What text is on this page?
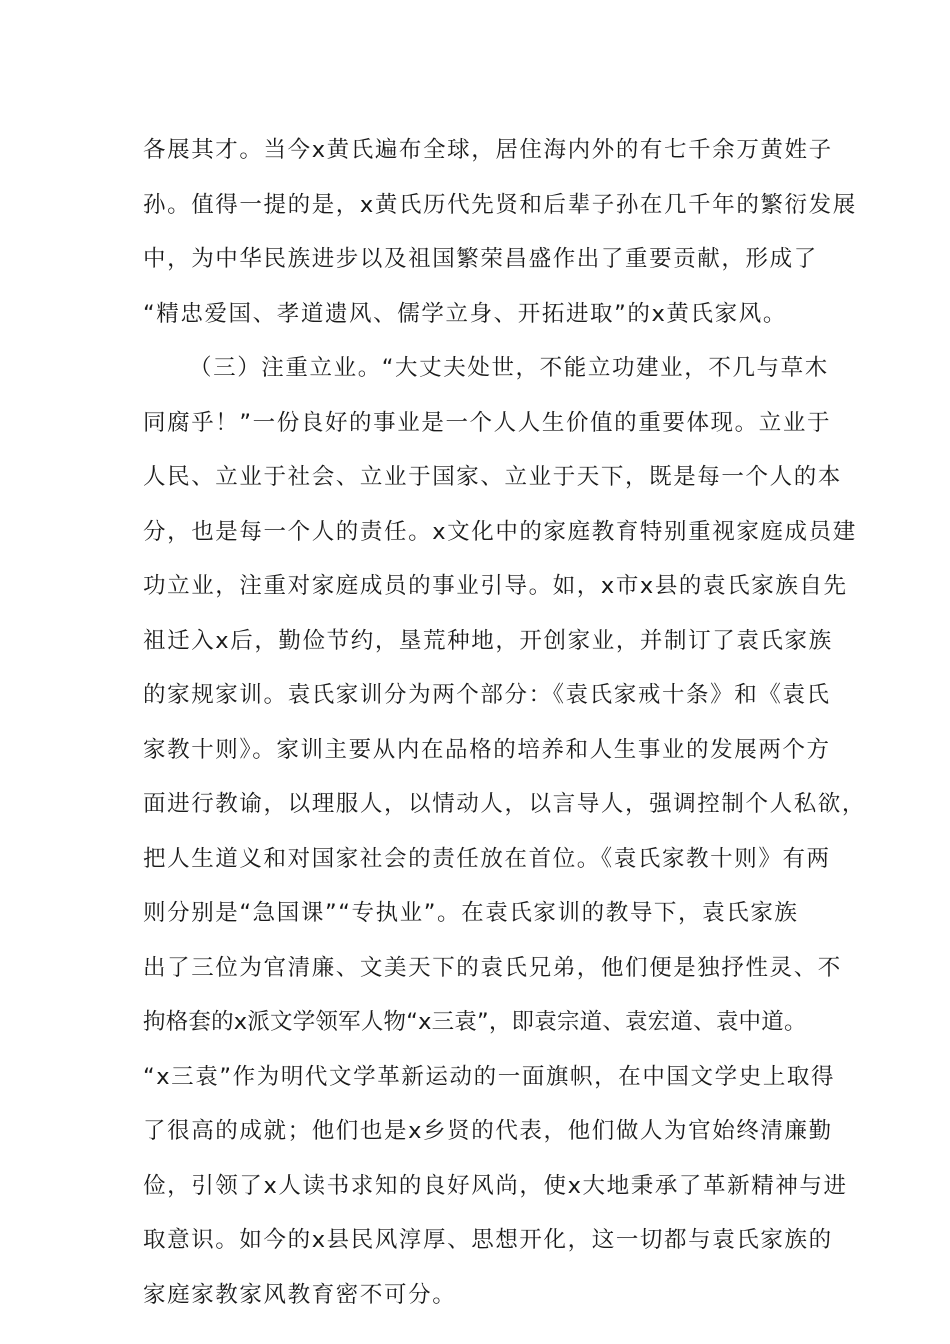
各展其才。当今x黄氏遍布全球，居住海内外的有七千余万黄姓子
孙。值得一提的是，x黄氏历代先贤和后辈子孙在几千年的繁衍发展
中，为中华民族进步以及祖国繁荣昌盛作出了重要贡献，形成了
“精忠爱国、孝道遗风、儒学立身、开拓进取”的x黄氏家风。
（三）注重立业。“大丈夫处世，不能立功建业，不几与草木
同腐乎！”一份良好的事业是一个人人生价值的重要体现。立业于
人民、立业于社会、立业于国家、立业于天下，既是每一个人的本
分，也是每一个人的责任。x文化中的家庭教育特别重视家庭成员建
功立业，注重对家庭成员的事业引导。如，x市x县的袁氏家族自先
祖迁入x后，勤俭节约，垦荒种地，开创家业，并制订了袁氏家族
的家规家训。袁氏家训分为两个部分：《袁氏家戒十条》和《袁氏
家教十则》。家训主要从内在品格的培养和人生事业的发展两个方
面进行教谕，以理服人，以情动人，以言导人，强调控制个人私欲，
把人生道义和对国家社会的责任放在首位。《袁氏家教十则》有两
则分别是“急国课”“专执业”。在袁氏家训的教导下，袁氏家族
出了三位为官清廉、文美天下的袁氏兄弟，他们便是独抒性灵、不
拘格套的x派文学领军人物“x三袁”，即袁宗道、袁宏道、袁中道。
“x三袁”作为明代文学革新运动的一面旗帜，在中国文学史上取得
了很高的成就；他们也是x乡贤的代表，他们做人为官始终清廉勤
俭，引领了x人读书求知的良好风尚，使x大地秉承了革新精神与进
取意识。如今的x县民风淳厚、思想开化，这一切都与袁氏家族的
家庭家教家风教育密不可分。
